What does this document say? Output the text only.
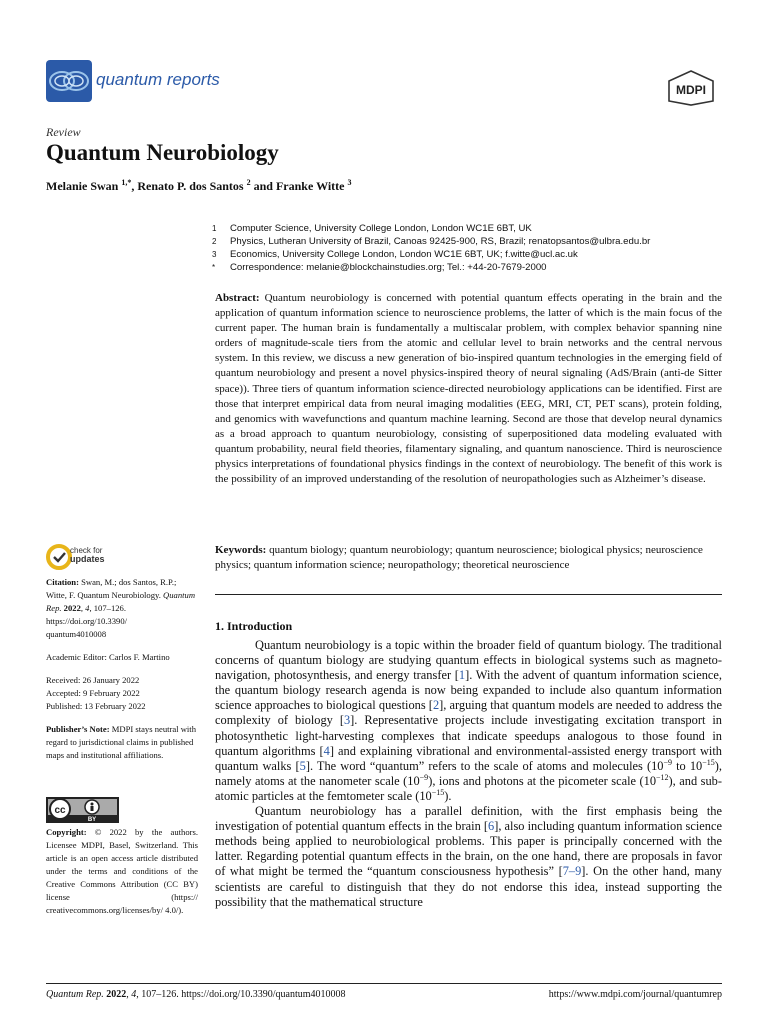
quantum reports
MDPI
Review
Quantum Neurobiology
Melanie Swan $^{1,*}$, Renato P. dos Santos $^2$ and Franke Witte $^3$
1	Computer Science, University College London, London WC1E 6BT, UK
2	Physics, Lutheran University of Brazil, Canoas 92425-900, RS, Brazil; renatopsantos@ulbra.edu.br
3	Economics, University College London, London WC1E 6BT, UK; f.witte@ucl.ac.uk
*	Correspondence: melanie@blockchainstudies.org; Tel.: +44-20-7679-2000
Abstract: Quantum neurobiology is concerned with potential quantum effects operating in the brain and the application of quantum information science to neuroscience problems, the latter of which is the main focus of the current paper. The human brain is fundamentally a multiscalar problem, with complex behavior spanning nine orders of magnitude-scale tiers from the atomic and cellular level to brain networks and the central nervous system. In this review, we discuss a new generation of bio-inspired quantum technologies in the emerging field of quantum neurobiology and present a novel physics-inspired theory of neural signaling (AdS/Brain (anti-de Sitter space)). Three tiers of quantum information science-directed neurobiology applications can be identified. First are those that interpret empirical data from neural imaging modalities (EEG, MRI, CT, PET scans), protein folding, and genomics with wavefunctions and quantum machine learning. Second are those that develop neural dynamics as a broad approach to quantum neurobiology, consisting of superpositioned data modeling evaluated with quantum probability, neural field theories, filamentary signaling, and quantum nanoscience. Third is neuroscience physics interpretations of foundational physics findings in the context of neurobiology. The benefit of this work is the possibility of an improved understanding of the resolution of neuropathologies such as Alzheimer’s disease.
Keywords: quantum biology; quantum neurobiology; quantum neuroscience; biological physics; neuroscience physics; quantum information science; neuropathology; theoretical neuroscience
check for
updates

Citation: Swan, M.; dos Santos, R.P.; Witte, F. Quantum Neurobiology. Quantum Rep. 2022, 4, 107–126.
https://doi.org/10.3390/
quantum4010008

Academic Editor: Carlos F. Martino

Received: 26 January 2022

Accepted: 9 February 2022

Published: 13 February 2022

Publisher’s Note: MDPI stays neutral with regard to jurisdictional claims in published maps and institutional affiliations.

cc
BY
Copyright: © 2022 by the authors. Licensee MDPI, Basel, Switzerland. This article is an open access article distributed under the terms and conditions of the Creative Commons Attribution (CC BY) license (https:// creativecommons.org/licenses/by/ 4.0/).
1. Introduction

Quantum neurobiology is a topic within the broader field of quantum biology. The traditional concerns of quantum biology are studying quantum effects in biological systems such as magneto-navigation, photosynthesis, and energy transfer [1]. With the advent of quantum information science, the quantum biology research agenda is now being expanded to include also quantum information science approaches to biological questions [2], arguing that quantum models are needed to address the complexity of biology [3]. Representative projects include investigating excitation transport in photosynthetic light-harvesting complexes that indicate speedups analogous to those found in quantum algorithms [4] and explaining vibrational and environmental-assisted energy transport with quantum walks [5]. The word “quantum” refers to the scale of atoms and molecules ($10^{-9}$ to $10^{-15}$), namely atoms at the nanometer scale $(10^{-9})$, ions and photons at the picometer scale $(10^{-12})$, and sub-atomic particles at the femtometer scale $(10^{-15})$.

Quantum neurobiology has a parallel definition, with the first emphasis being the investigation of potential quantum effects in the brain [6], also including quantum information science methods being applied to neurobiological problems. This paper is principally concerned with the latter. Regarding potential quantum effects in the brain, on the one hand, there are proposals in favor of what might be termed the “quantum consciousness hypothesis” [7–9]. On the other hand, many scientists are careful to distinguish that they do not endorse this idea, instead supporting the possibility that the mathematical structure

Quantum Rep. 2022, 4, 107–126. https://doi.org/10.3390/quantum4010008	https://www.mdpi.com/journal/quantumrep
